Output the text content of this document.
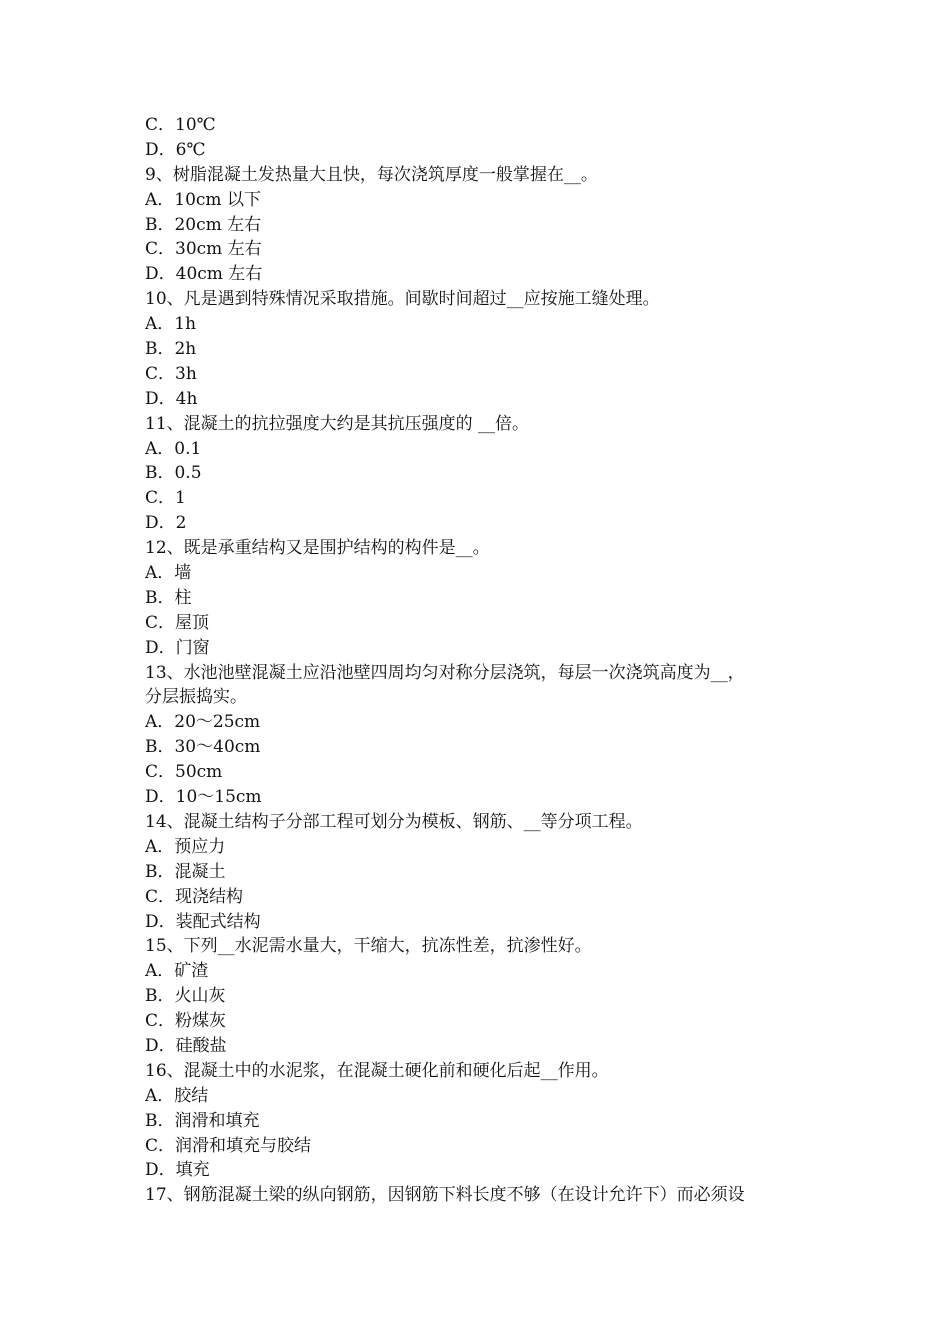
C．10℃
D．6℃
9、树脂混凝土发热量大且快，每次浇筑厚度一般掌握在__。
A．10cm 以下
B．20cm 左右
C．30cm 左右
D．40cm 左右
10、凡是遇到特殊情况采取措施。间歇时间超过__应按施工缝处理。
A．1h
B．2h
C．3h
D．4h
11、混凝土的抗拉强度大约是其抗压强度的 __倍。
A．0.1
B．0.5
C．1
D．2
12、既是承重结构又是围护结构的构件是__。
A．墙
B．柱
C．屋顶
D．门窗
13、水池池壁混凝土应沿池壁四周均匀对称分层浇筑，每层一次浇筑高度为__，
分层振捣实。
A．20～25cm
B．30～40cm
C．50cm
D．10～15cm
14、混凝土结构子分部工程可划分为模板、钢筋、__等分项工程。
A．预应力
B．混凝土
C．现浇结构
D．装配式结构
15、下列__水泥需水量大，干缩大，抗冻性差，抗渗性好。
A．矿渣
B．火山灰
C．粉煤灰
D．硅酸盐
16、混凝土中的水泥浆，在混凝土硬化前和硬化后起__作用。
A．胶结
B．润滑和填充
C．润滑和填充与胶结
D．填充
17、钢筋混凝土梁的纵向钢筋，因钢筋下料长度不够（在设计允许下）而必须设
